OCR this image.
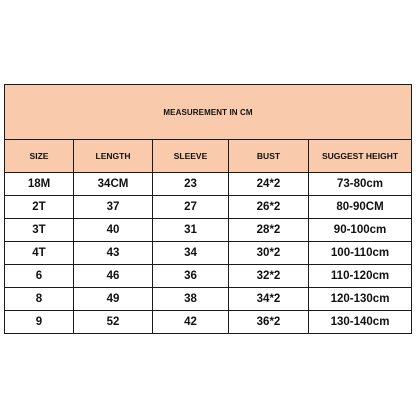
MEASUREMENT IN CM				
SIZE	LENGTH	SLEEVE	BUST	SUGGEST HEIGHT
18M	34CM	23	24*2	73-80cm
2T	37	27	26*2	80-90CM
3T	40	31	28*2	90-100cm
4T	43	34	30*2	100-110cm
6	46	36	32*2	110-120cm
8	49	38	34*2	120-130cm
9	52	42	36*2	130-140cm
